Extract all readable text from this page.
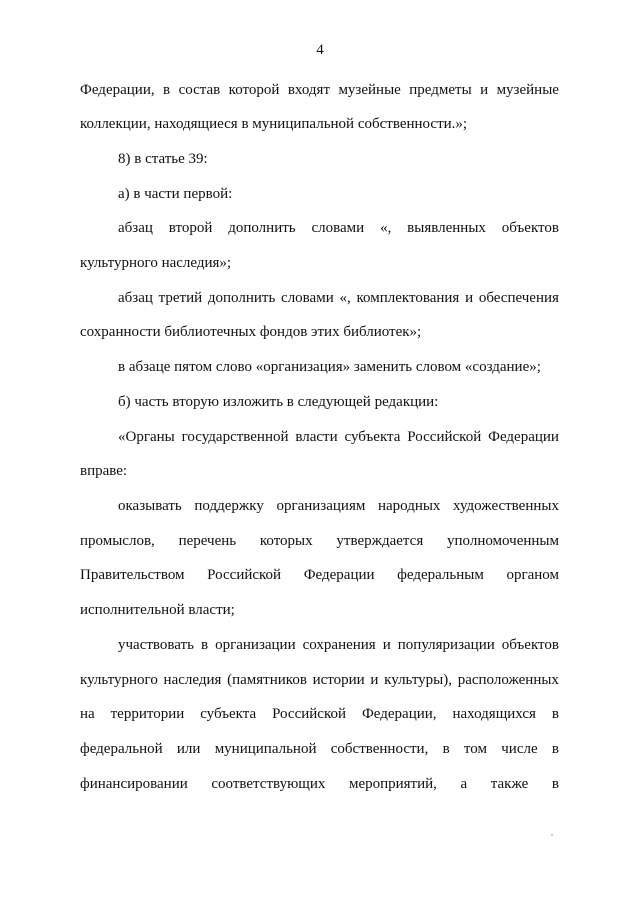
4
Федерации, в состав которой входят музейные предметы и музейные
коллекции, находящиеся в муниципальной собственности.»;
8) в статье 39:
а) в части первой:
абзац второй дополнить словами «, выявленных объектов
культурного наследия»;
абзац третий дополнить словами «, комплектования и обеспечения
сохранности библиотечных фондов этих библиотек»;
в абзаце пятом слово «организация» заменить словом «создание»;
б) часть вторую изложить в следующей редакции:
«Органы государственной власти субъекта Российской Федерации
вправе:
оказывать поддержку организациям народных художественных
промыслов, перечень которых утверждается уполномоченным
Правительством Российской Федерации федеральным органом
исполнительной власти;
участвовать в организации сохранения и популяризации объектов
культурного наследия (памятников истории и культуры), расположенных
на территории субъекта Российской Федерации, находящихся в
федеральной или муниципальной собственности, в том числе в
финансировании соответствующих мероприятий, а также в
